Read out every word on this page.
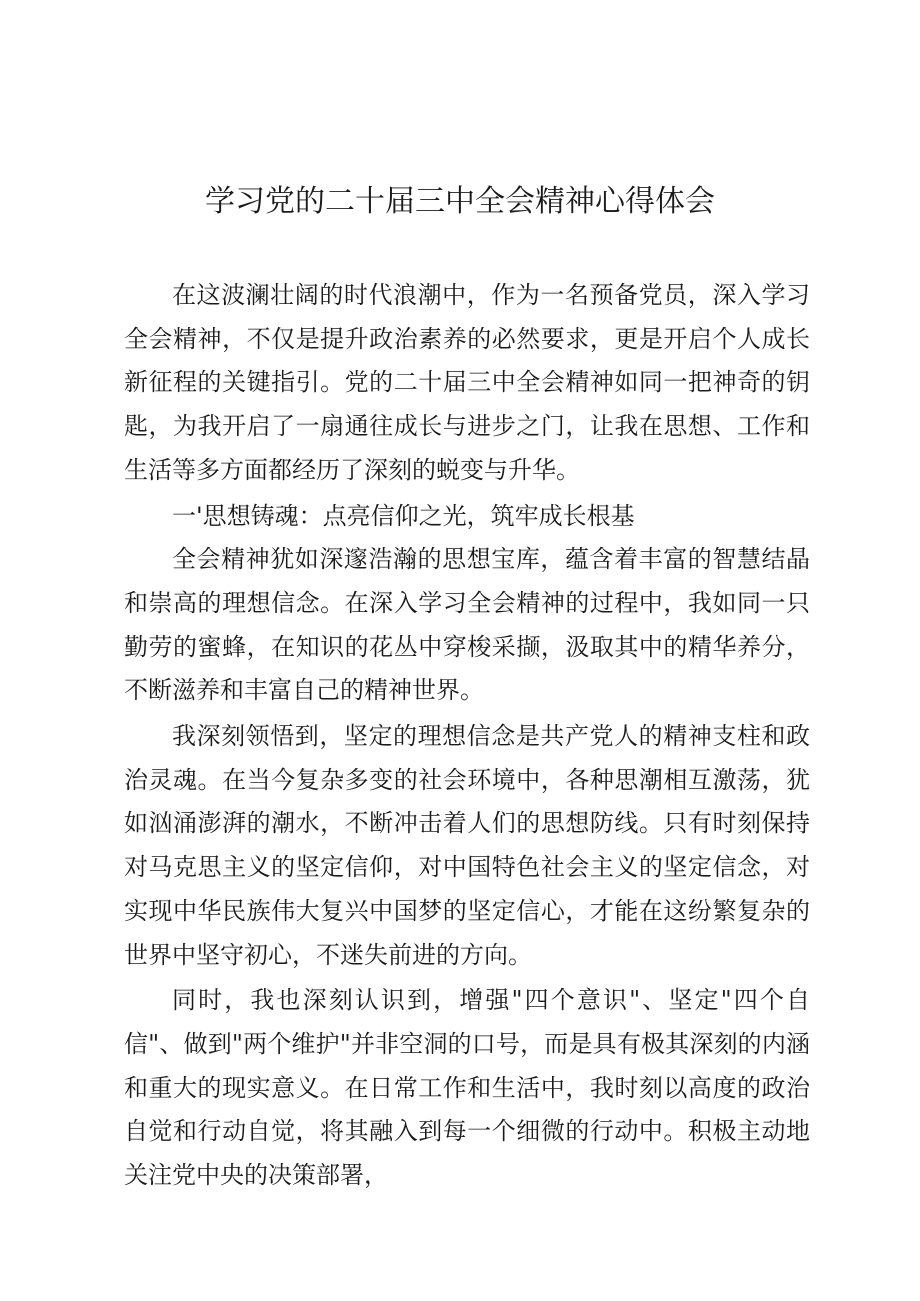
学习党的二十届三中全会精神心得体会

在这波澜壮阔的时代浪潮中，作为一名预备党员，深入学习全会精神，不仅是提升政治素养的必然要求，更是开启个人成长新征程的关键指引。党的二十届三中全会精神如同一把神奇的钥匙，为我开启了一扇通往成长与进步之门，让我在思想、工作和生活等多方面都经历了深刻的蜕变与升华。

一'思想铸魂：点亮信仰之光，筑牢成长根基

全会精神犹如深邃浩瀚的思想宝库，蕴含着丰富的智慧结晶和崇高的理想信念。在深入学习全会精神的过程中，我如同一只勤劳的蜜蜂，在知识的花丛中穿梭采撷，汲取其中的精华养分，不断滋养和丰富自己的精神世界。

我深刻领悟到，坚定的理想信念是共产党人的精神支柱和政治灵魂。在当今复杂多变的社会环境中，各种思潮相互激荡，犹如汹涌澎湃的潮水，不断冲击着人们的思想防线。只有时刻保持对马克思主义的坚定信仰，对中国特色社会主义的坚定信念，对实现中华民族伟大复兴中国梦的坚定信心，才能在这纷繁复杂的世界中坚守初心，不迷失前进的方向。

同时，我也深刻认识到，增强"四个意识"、坚定"四个自信"、做到"两个维护"并非空洞的口号，而是具有极其深刻的内涵和重大的现实意义。在日常工作和生活中，我时刻以高度的政治自觉和行动自觉，将其融入到每一个细微的行动中。积极主动地关注党中央的决策部署，
